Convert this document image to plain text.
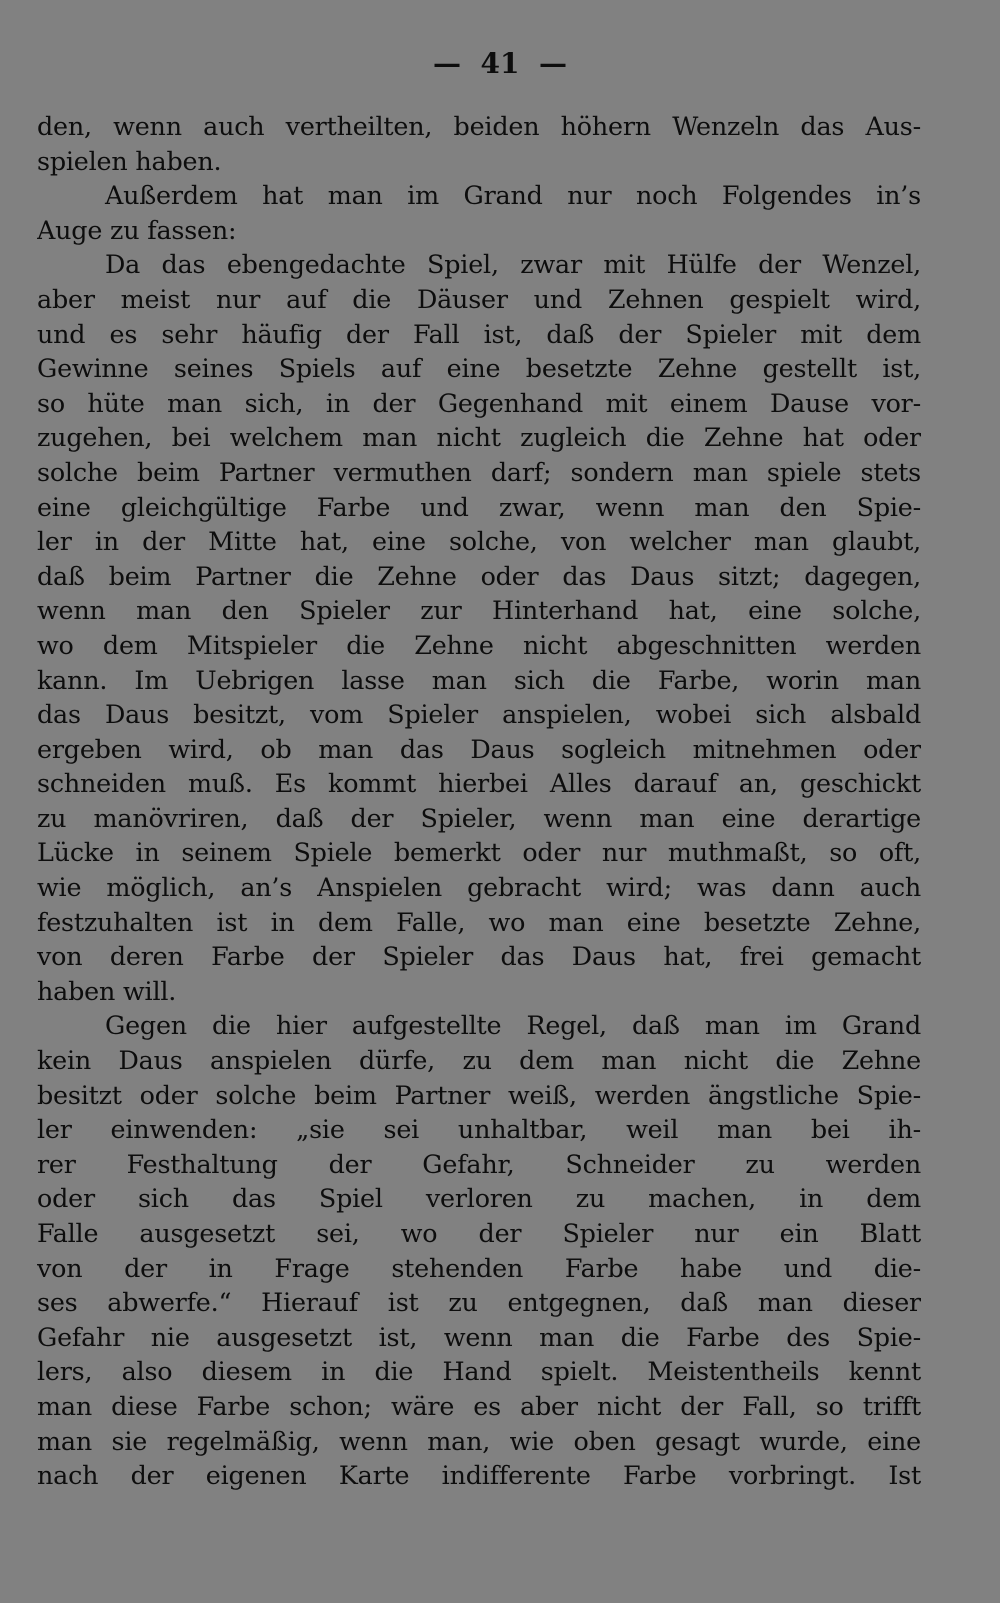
—  41  —
den, wenn auch vertheilten, beiden höhern Wenzeln das Aus-
spielen haben.
Außerdem hat man im Grand nur noch Folgendes in’s
Auge zu fassen:
Da das ebengedachte Spiel, zwar mit Hülfe der Wenzel,
aber meist nur auf die Däuser und Zehnen gespielt wird,
und es sehr häufig der Fall ist, daß der Spieler mit dem
Gewinne seines Spiels auf eine besetzte Zehne gestellt ist,
so hüte man sich, in der Gegenhand mit einem Dause vor-
zugehen, bei welchem man nicht zugleich die Zehne hat oder
solche beim Partner vermuthen darf; sondern man spiele stets
eine gleichgültige Farbe und zwar, wenn man den Spie-
ler in der Mitte hat, eine solche, von welcher man glaubt,
daß beim Partner die Zehne oder das Daus sitzt; dagegen,
wenn man den Spieler zur Hinterhand hat, eine solche,
wo dem Mitspieler die Zehne nicht abgeschnitten werden
kann. Im Uebrigen lasse man sich die Farbe, worin man
das Daus besitzt, vom Spieler anspielen, wobei sich alsbald
ergeben wird, ob man das Daus sogleich mitnehmen oder
schneiden muß. Es kommt hierbei Alles darauf an, geschickt
zu manövriren, daß der Spieler, wenn man eine derartige
Lücke in seinem Spiele bemerkt oder nur muthmaßt, so oft,
wie möglich, an’s Anspielen gebracht wird; was dann auch
festzuhalten ist in dem Falle, wo man eine besetzte Zehne,
von deren Farbe der Spieler das Daus hat, frei gemacht
haben will.
Gegen die hier aufgestellte Regel, daß man im Grand
kein Daus anspielen dürfe, zu dem man nicht die Zehne
besitzt oder solche beim Partner weiß, werden ängstliche Spie-
ler einwenden: „sie sei unhaltbar, weil man bei ih-
rer Festhaltung der Gefahr, Schneider zu werden
oder sich das Spiel verloren zu machen, in dem
Falle ausgesetzt sei, wo der Spieler nur ein Blatt
von der in Frage stehenden Farbe habe und die-
ses abwerfe.“ Hierauf ist zu entgegnen, daß man dieser
Gefahr nie ausgesetzt ist, wenn man die Farbe des Spie-
lers, also diesem in die Hand spielt. Meistentheils kennt
man diese Farbe schon; wäre es aber nicht der Fall, so trifft
man sie regelmäßig, wenn man, wie oben gesagt wurde, eine
nach der eigenen Karte indifferente Farbe vorbringt. Ist
